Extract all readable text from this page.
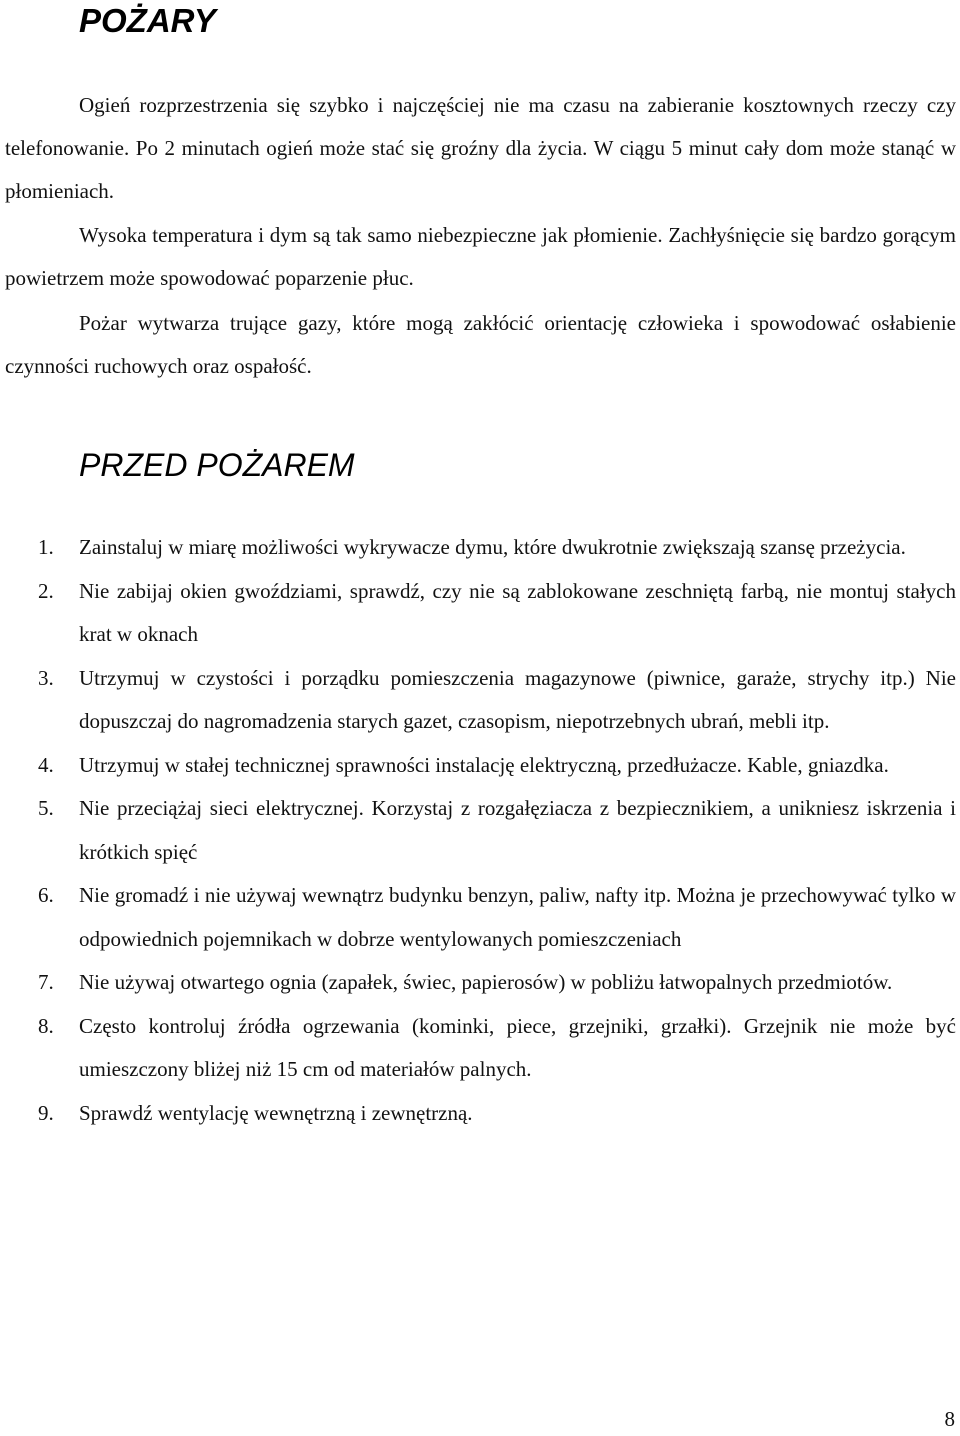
POŻARY

Ogień rozprzestrzenia się szybko i najczęściej nie ma czasu na zabieranie kosztownych rzeczy czy telefonowanie. Po 2 minutach ogień może stać się groźny dla życia. W ciągu 5 minut cały dom może stanąć w płomieniach.

Wysoka temperatura i dym są tak samo niebezpieczne jak płomienie. Zachłyśnięcie się bardzo gorącym powietrzem może spowodować poparzenie płuc.

Pożar wytwarza trujące gazy, które mogą zakłócić orientację człowieka i spowodować osłabienie czynności ruchowych oraz ospałość.

PRZED POŻAREM
1.	Zainstaluj w miarę możliwości wykrywacze dymu, które dwukrotnie zwiększają szansę przeżycia.
2.	Nie zabijaj okien gwoździami, sprawdź, czy nie są zablokowane zeschniętą farbą, nie montuj stałych krat w oknach
3.	Utrzymuj w czystości i porządku pomieszczenia magazynowe (piwnice, garaże, strychy itp.) Nie dopuszczaj do nagromadzenia starych gazet, czasopism, niepotrzebnych ubrań, mebli itp.
4.	Utrzymuj w stałej technicznej sprawności instalację elektryczną, przedłużacze. Kable, gniazdka.
5.	Nie przeciążaj sieci elektrycznej. Korzystaj z rozgałęziacza z bezpiecznikiem, a unikniesz iskrzenia i krótkich spięć
6.	Nie gromadź i nie używaj wewnątrz budynku benzyn, paliw, nafty itp. Można je przechowywać tylko w odpowiednich pojemnikach w dobrze wentylowanych pomieszczeniach
7.	Nie używaj otwartego ognia (zapałek, świec, papierosów) w pobliżu łatwopalnych przedmiotów.
8.	Często kontroluj źródła ogrzewania (kominki, piece, grzejniki, grzałki). Grzejnik nie może być umieszczony bliżej niż 15 cm od materiałów palnych.
9.	Sprawdź wentylację wewnętrzną i zewnętrzną.
8
